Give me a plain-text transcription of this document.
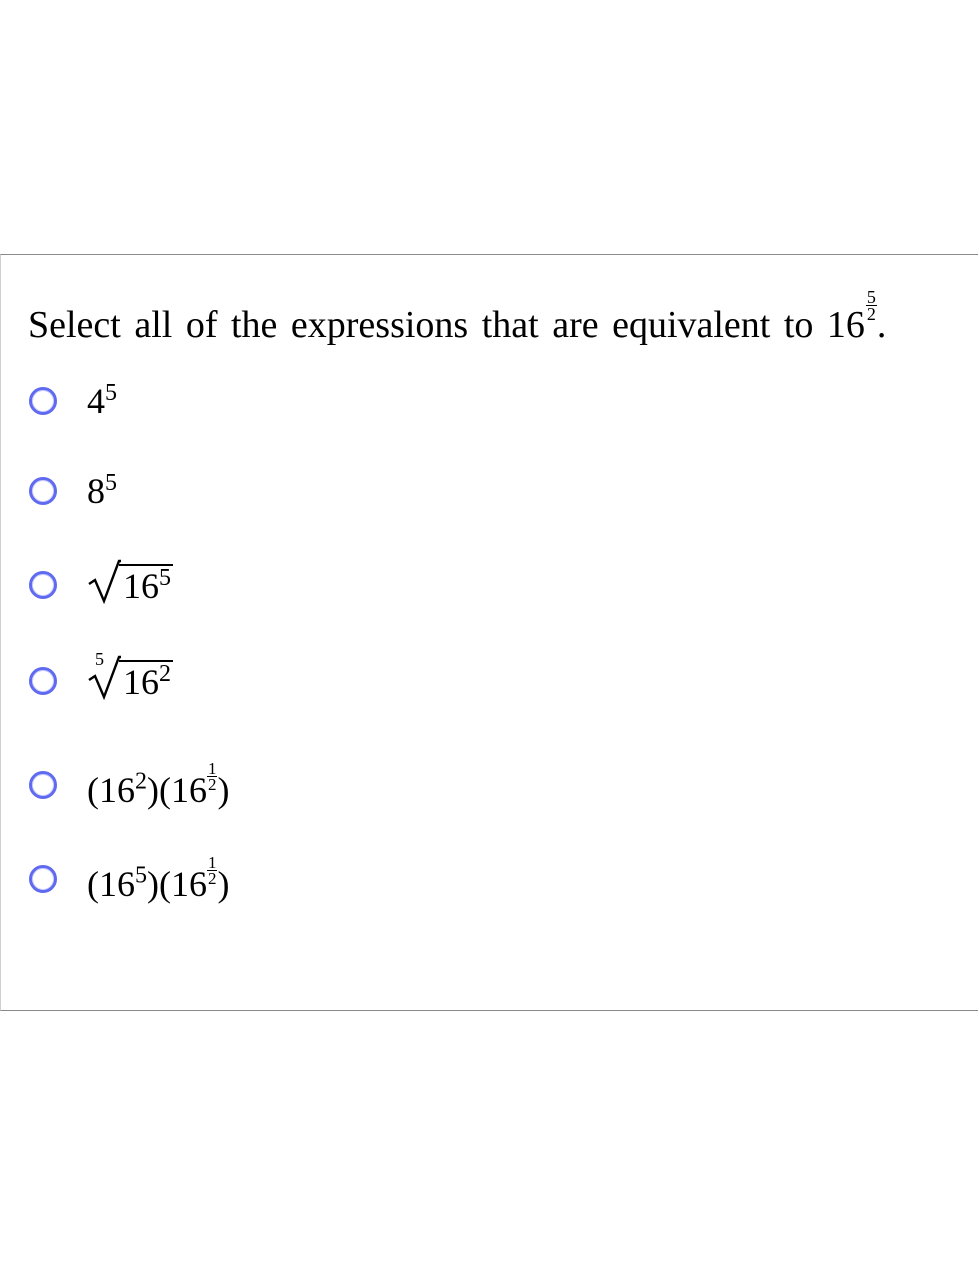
Select all of the expressions that are equivalent to $16 \frac{5}{2}$ .
$4^5$
$8^5$
$16^5$
5
$16^2$
$(16^2)(16 \frac{1}{2}$ )
$(16^5)(16 \frac{1}{2}$ )
